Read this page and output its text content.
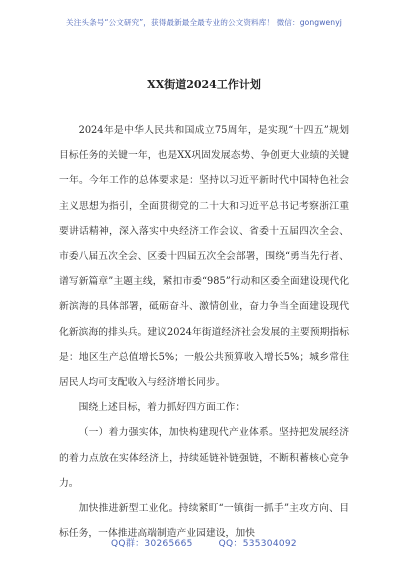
关注头条号“公文研究”，获得最新最全最专业的公文资料库！ 微信：gongwenyj
XX街道2024工作计划

2024年是中华人民共和国成立75周年，是实现“十四五”规划目标任务的关键一年，也是XX巩固发展态势、争创更大业绩的关键一年。今年工作的总体要求是：坚持以习近平新时代中国特色社会主义思想为指引，全面贯彻党的二十大和习近平总书记考察浙江重要讲话精神，深入落实中央经济工作会议、省委十五届四次全会、市委八届五次全会、区委十四届五次全会部署，围绕“勇当先行者、谱写新篇章”主题主线，紧扣市委“985”行动和区委全面建设现代化新滨海的具体部署，砥砺奋斗、激情创业，奋力争当全面建设现代化新滨海的排头兵。建议2024年街道经济社会发展的主要预期指标是：地区生产总值增长5%；一般公共预算收入增长5%；城乡常住居民人均可支配收入与经济增长同步。

围绕上述目标，着力抓好四方面工作：

（一）着力强实体，加快构建现代产业体系。坚持把发展经济的着力点放在实体经济上，持续延链补链强链，不断积蓄核心竞争力。

加快推进新型工业化。持续紧盯“一镇街一抓手”主攻方向、目标任务，一体推进高端制造产业园建设，加快

QQ群：30265665	QQ：535304092
